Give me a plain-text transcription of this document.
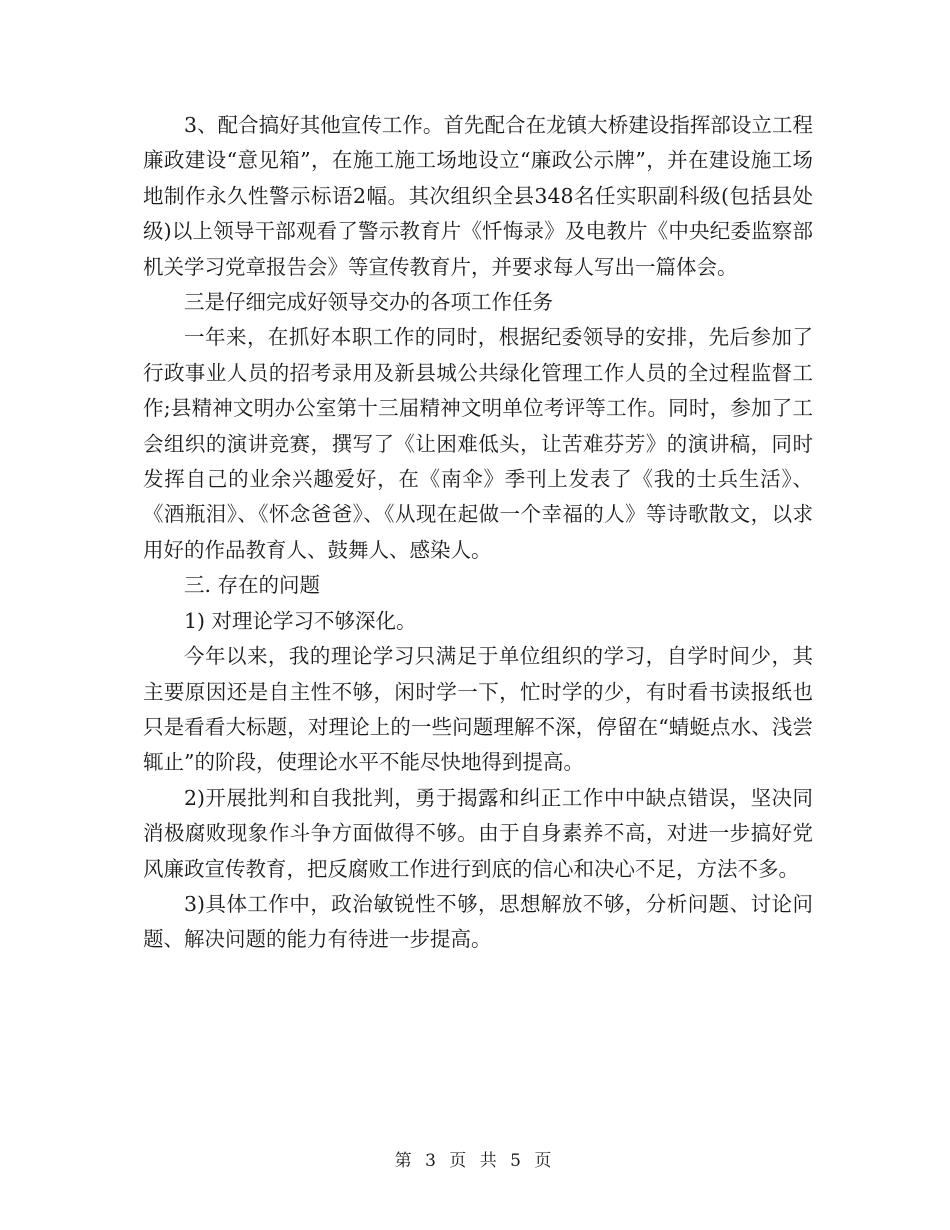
3、配合搞好其他宣传工作。首先配合在龙镇大桥建设指挥部设立工程廉政建设“意见箱”，在施工施工场地设立“廉政公示牌”，并在建设施工场地制作永久性警示标语2幅。其次组织全县348名任实职副科级(包括县处级)以上领导干部观看了警示教育片《忏悔录》及电教片《中央纪委监察部机关学习党章报告会》等宣传教育片，并要求每人写出一篇体会。

三是仔细完成好领导交办的各项工作任务

一年来，在抓好本职工作的同时，根据纪委领导的安排，先后参加了行政事业人员的招考录用及新县城公共绿化管理工作人员的全过程监督工作;县精神文明办公室第十三届精神文明单位考评等工作。同时，参加了工会组织的演讲竞赛，撰写了《让困难低头，让苦难芬芳》的演讲稿，同时发挥自己的业余兴趣爱好，在《南伞》季刊上发表了《我的士兵生活》、《酒瓶泪》、《怀念爸爸》、《从现在起做一个幸福的人》等诗歌散文，以求用好的作品教育人、鼓舞人、感染人。

三. 存在的问题

1) 对理论学习不够深化。

今年以来，我的理论学习只满足于单位组织的学习，自学时间少，其主要原因还是自主性不够，闲时学一下，忙时学的少，有时看书读报纸也只是看看大标题，对理论上的一些问题理解不深，停留在“蜻蜓点水、浅尝辄止”的阶段，使理论水平不能尽快地得到提高。

2)开展批判和自我批判，勇于揭露和纠正工作中中缺点错误，坚决同消极腐败现象作斗争方面做得不够。由于自身素养不高，对进一步搞好党风廉政宣传教育，把反腐败工作进行到底的信心和决心不足，方法不多。

3)具体工作中，政治敏锐性不够，思想解放不够，分析问题、讨论问题、解决问题的能力有待进一步提高。

第 3 页 共 5 页
